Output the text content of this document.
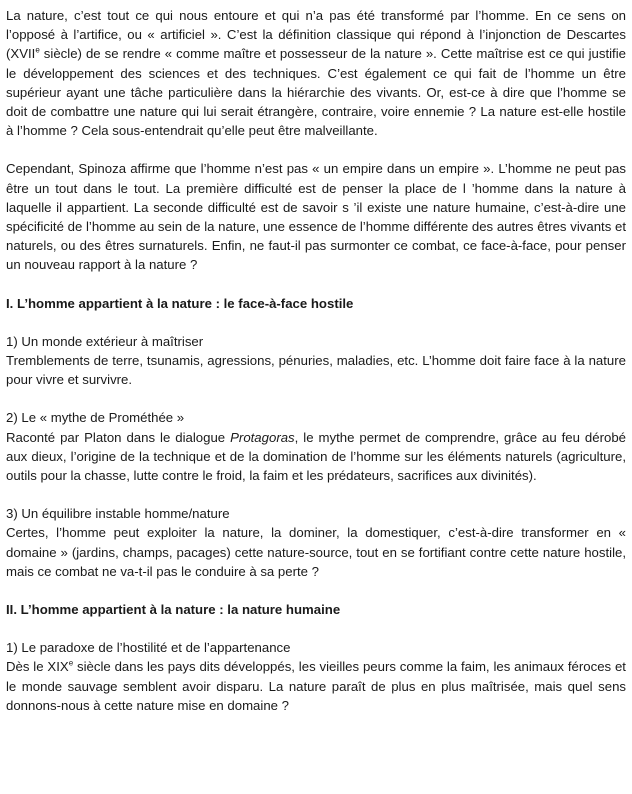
La nature, c’est tout ce qui nous entoure et qui n’a pas été transformé par l’homme. En ce sens on l’opposé à l’artifice, ou « artificiel ». C’est la définition classique qui répond à l’injonction de Descartes (XVIIe siècle) de se rendre « comme maître et possesseur de la nature ». Cette maîtrise est ce qui justifie le développement des sciences et des techniques. C’est également ce qui fait de l’homme un être supérieur ayant une tâche particulière dans la hiérarchie des vivants. Or, est-ce à dire que l’homme se doit de combattre une nature qui lui serait étrangère, contraire, voire ennemie ? La nature est-elle hostile à l’homme ? Cela sous-entendrait qu’elle peut être malveillante.

Cependant, Spinoza affirme que l’homme n’est pas « un empire dans un empire ». L’homme ne peut pas être un tout dans le tout. La première difficulté est de penser la place de l ’homme dans la nature à laquelle il appartient. La seconde difficulté est de savoir s ’il existe une nature humaine, c’est-à-dire une spécificité de l’homme au sein de la nature, une essence de l’homme différente des autres êtres vivants et naturels, ou des êtres surnaturels. Enfin, ne faut-il pas surmonter ce combat, ce face-à-face, pour penser un nouveau rapport à la nature ?

I. L’homme appartient à la nature : le face-à-face hostile

1) Un monde extérieur à maîtriser

Tremblements de terre, tsunamis, agressions, pénuries, maladies, etc. L’homme doit faire face à la nature pour vivre et survivre.

2) Le « mythe de Prométhée »

Raconté par Platon dans le dialogue Protagoras, le mythe permet de comprendre, grâce au feu dérobé aux dieux, l’origine de la technique et de la domination de l’homme sur les éléments naturels (agriculture, outils pour la chasse, lutte contre le froid, la faim et les prédateurs, sacrifices aux divinités).

3) Un équilibre instable homme/nature

Certes, l’homme peut exploiter la nature, la dominer, la domestiquer, c’est-à-dire transformer en « domaine » (jardins, champs, pacages) cette nature-source, tout en se fortifiant contre cette nature hostile, mais ce combat ne va-t-il pas le conduire à sa perte ?

II. L’homme appartient à la nature : la nature humaine

1) Le paradoxe de l’hostilité et de l’appartenance

Dès le XIXe siècle dans les pays dits développés, les vieilles peurs comme la faim, les animaux féroces et le monde sauvage semblent avoir disparu. La nature paraît de plus en plus maîtrisée, mais quel sens donnons-nous à cette nature mise en domaine ?
